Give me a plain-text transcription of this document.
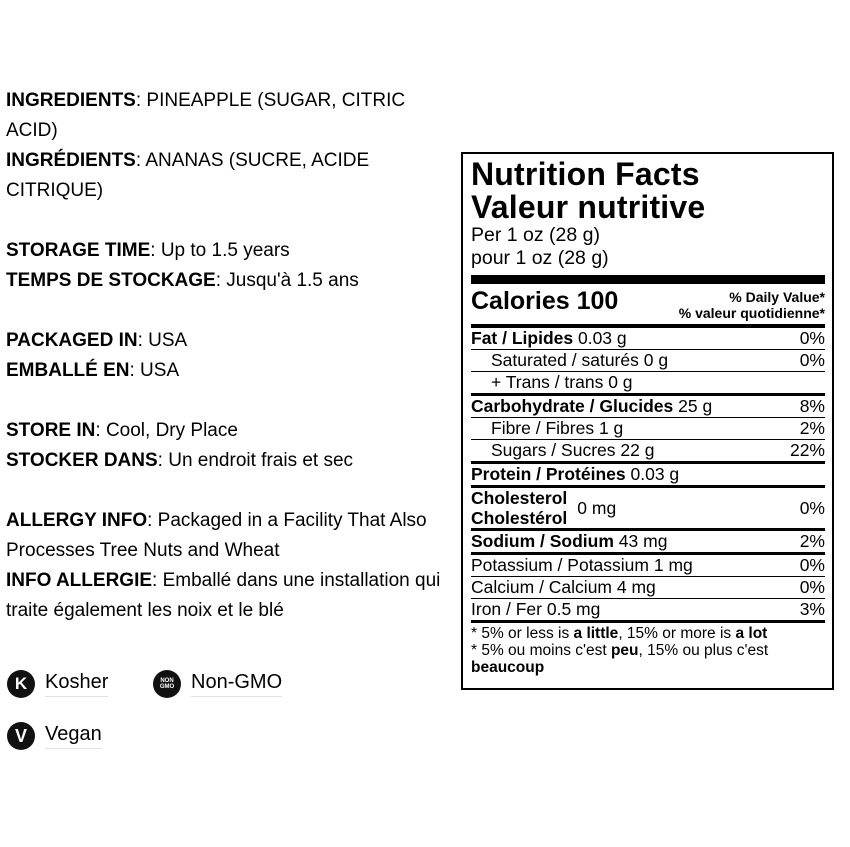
INGREDIENTS: PINEAPPLE (SUGAR, CITRIC ACID)

INGRÉDIENTS: ANANAS (SUCRE, ACIDE CITRIQUE)

STORAGE TIME: Up to 1.5 years

TEMPS DE STOCKAGE: Jusqu'à 1.5 ans

PACKAGED IN: USA

EMBALLÉ EN: USA

STORE IN: Cool, Dry Place

STOCKER DANS: Un endroit frais et sec

ALLERGY INFO: Packaged in a Facility That Also Processes Tree Nuts and Wheat

INFO ALLERGIE: Emballé dans une installation qui traite également les noix et le blé

K Kosher	NON
GMO Non-GMO
V Vegan
Nutrition Facts
Valeur nutritive
Per 1 oz (28 g)
pour 1 oz (28 g)
Calories 100	% Daily Value*
% valeur quotidienne*
Fat / Lipides 0.03 g	0%
Saturated / saturés 0 g	0%
+ Trans / trans 0 g
Carbohydrate / Glucides 25 g	8%
Fibre / Fibres 1 g	2%
Sugars / Sucres 22 g	22%
Protein / Protéines 0.03 g
Cholesterol
Cholestérol
0 mg	0%
Sodium / Sodium 43 mg	2%
Potassium / Potassium 1 mg	0%
Calcium / Calcium 4 mg	0%
Iron / Fer 0.5 mg	3%
* 5% or less is a little, 15% or more is a lot
* 5% ou moins c'est peu, 15% ou plus c'est beaucoup
